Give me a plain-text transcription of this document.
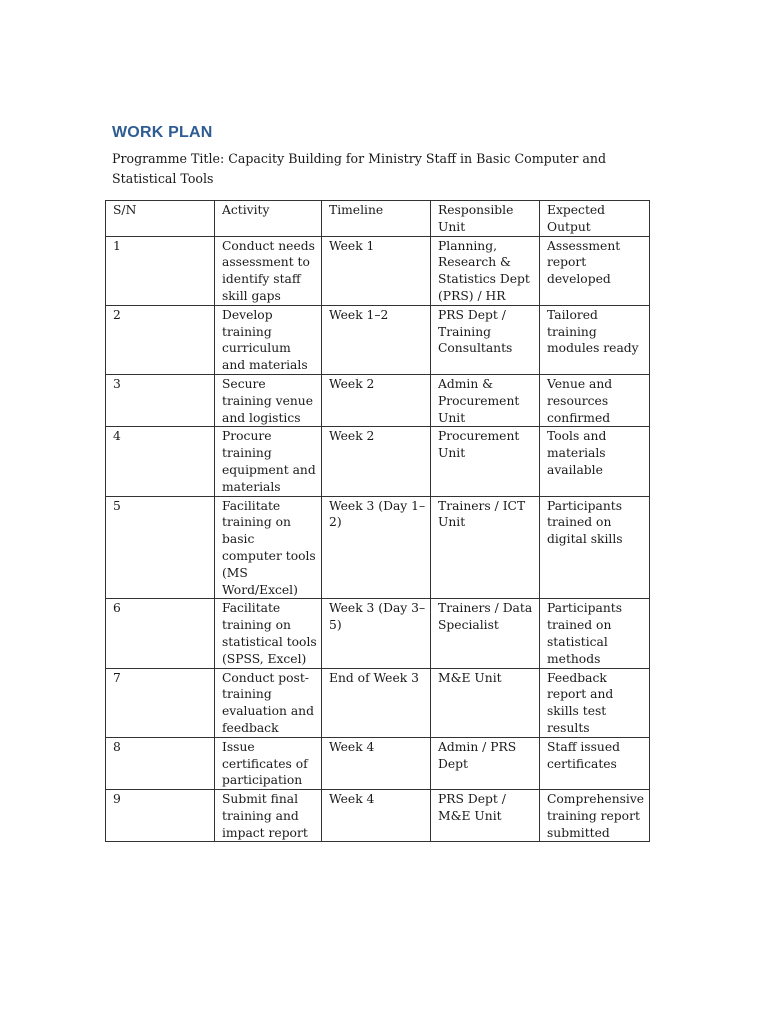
WORK PLAN
Programme Title: Capacity Building for Ministry Staff in Basic Computer and Statistical Tools
S/N	Activity	Timeline	Responsible Unit	Expected Output
1	Conduct needs assessment to identify staff skill gaps	Week 1	Planning, Research & Statistics Dept (PRS) / HR	Assessment report developed
2	Develop training curriculum and materials	Week 1–2	PRS Dept / Training Consultants	Tailored training modules ready
3	Secure training venue and logistics	Week 2	Admin & Procurement Unit	Venue and resources confirmed
4	Procure training equipment and materials	Week 2	Procurement Unit	Tools and materials available
5	Facilitate training on basic computer tools (MS Word/Excel)	Week 3 (Day 1–2)	Trainers / ICT Unit	Participants trained on digital skills
6	Facilitate training on statistical tools (SPSS, Excel)	Week 3 (Day 3–5)	Trainers / Data Specialist	Participants trained on statistical methods
7	Conduct post-training evaluation and feedback	End of Week 3	M&E Unit	Feedback report and skills test results
8	Issue certificates of participation	Week 4	Admin / PRS Dept	Staff issued certificates
9	Submit final training and impact report	Week 4	PRS Dept / M&E Unit	Comprehensive training report submitted
